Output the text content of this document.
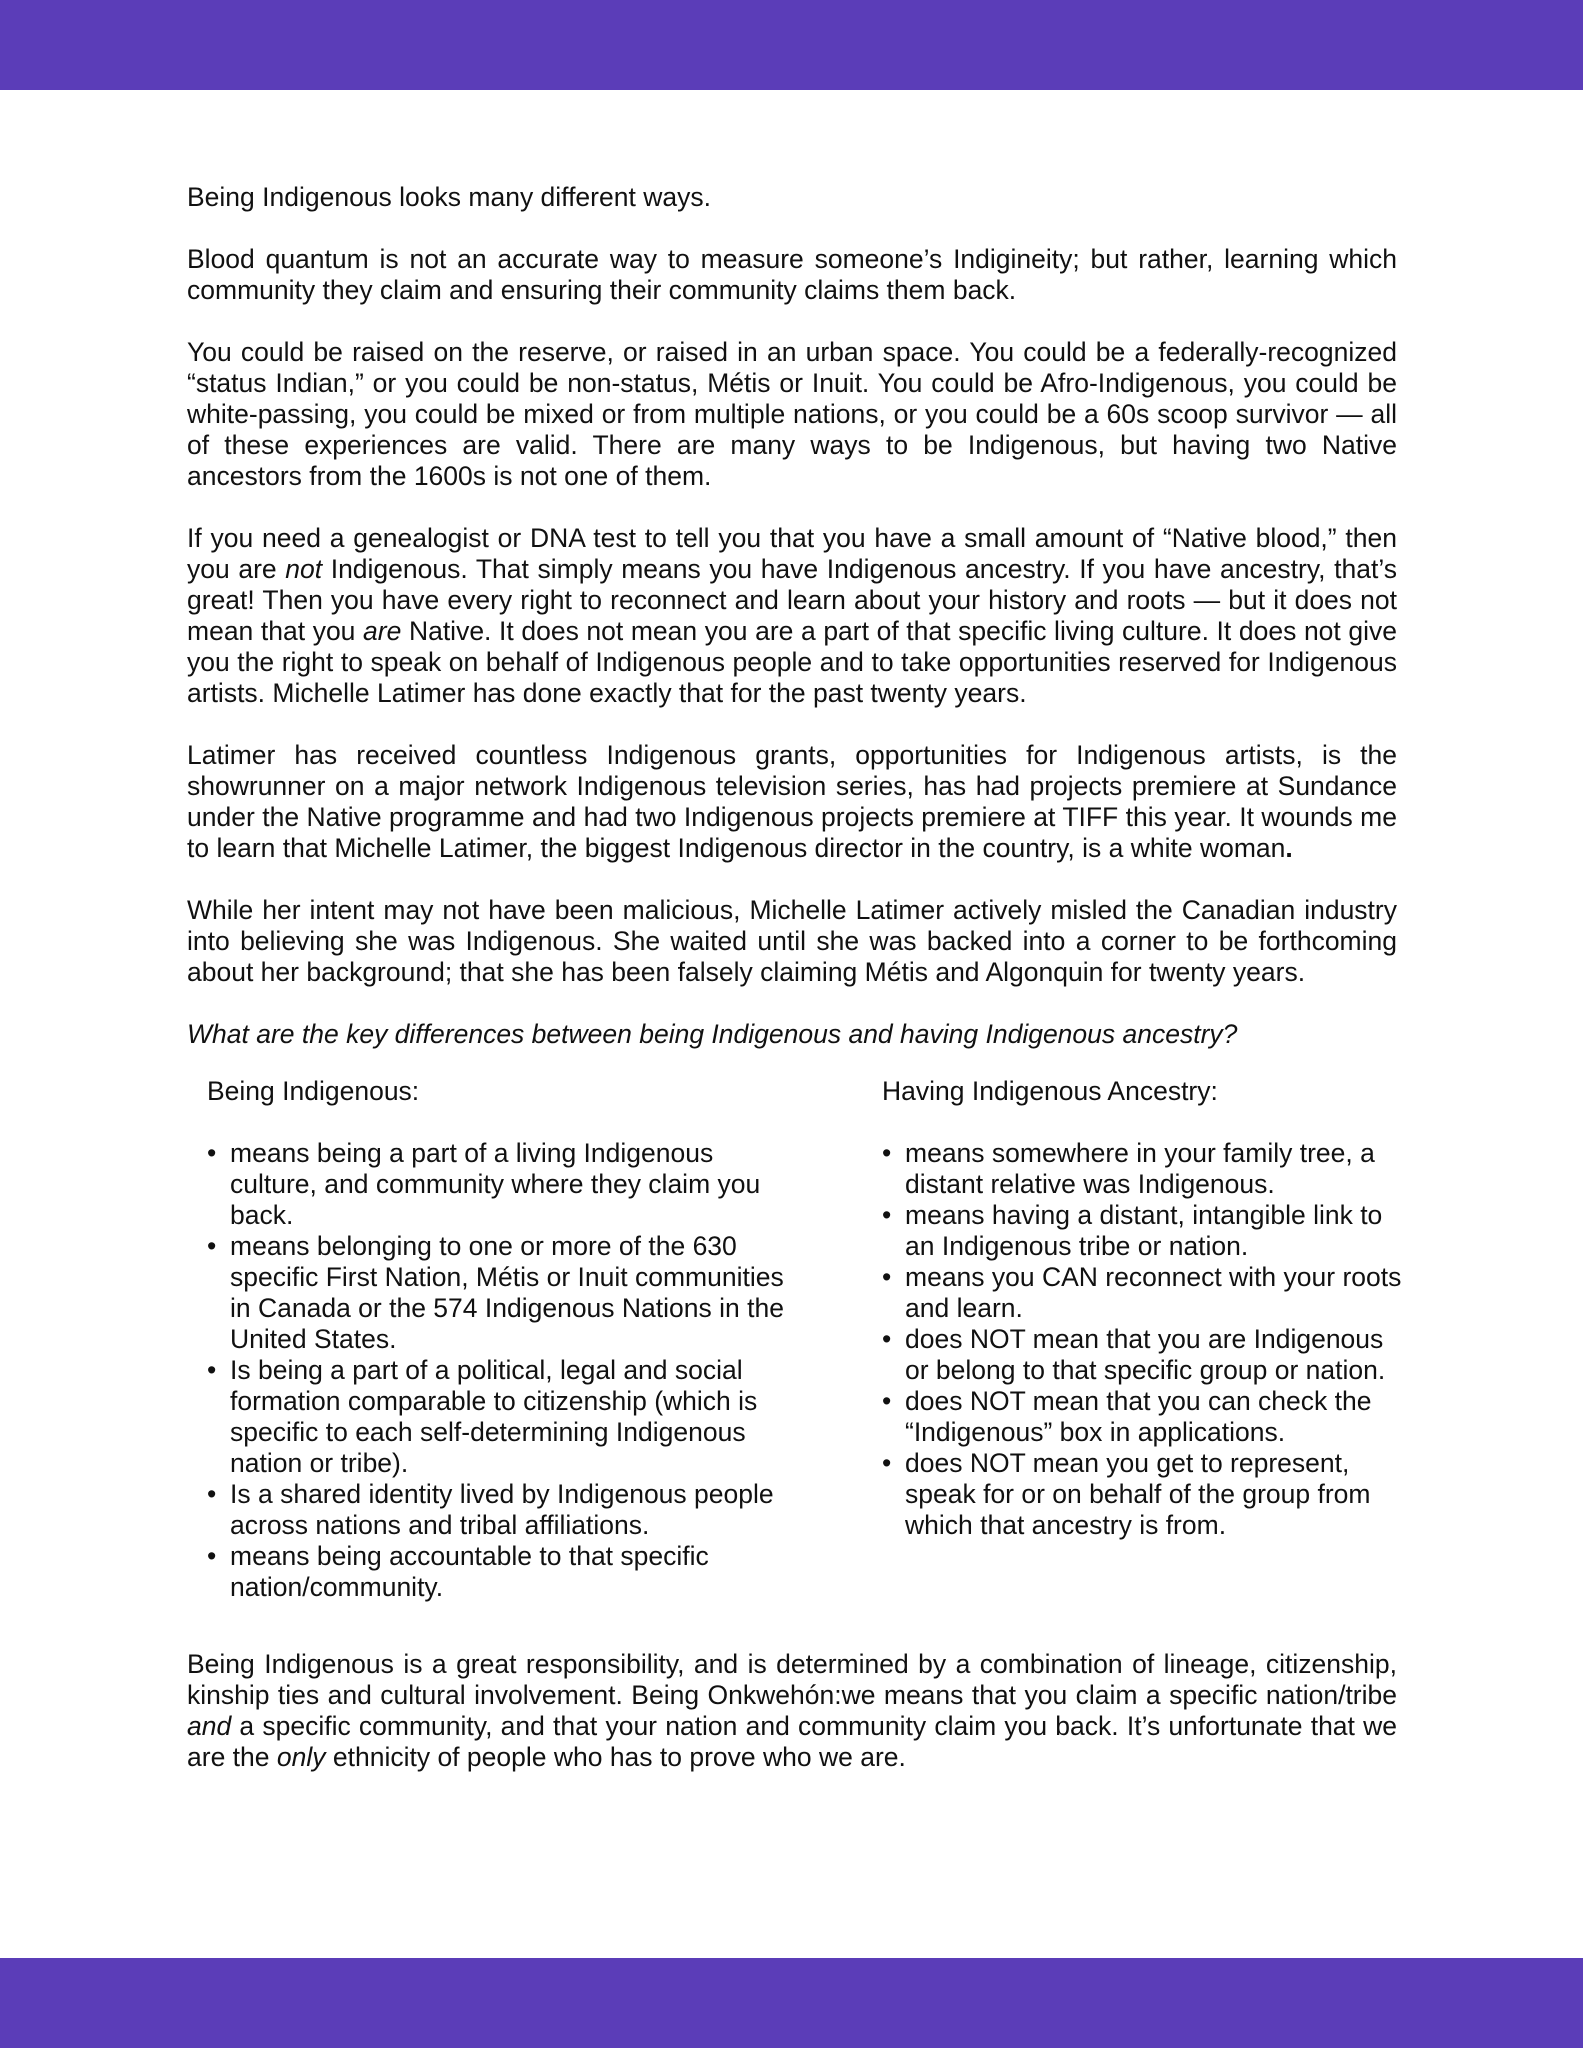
Being Indigenous looks many different ways.

Blood quantum is not an accurate way to measure someone’s Indigineity; but rather, learning which community they claim and ensuring their community claims them back.

You could be raised on the reserve, or raised in an urban space. You could be a federally-recognized “status Indian,” or you could be non-status, Métis or Inuit. You could be Afro-Indigenous, you could be white-passing, you could be mixed or from multiple nations, or you could be a 60s scoop survivor — all of these experiences are valid. There are many ways to be Indigenous, but having two Native ancestors from the 1600s is not one of them.

If you need a genealogist or DNA test to tell you that you have a small amount of “Native blood,” then you are not Indigenous. That simply means you have Indigenous ancestry. If you have ancestry, that’s great! Then you have every right to reconnect and learn about your history and roots — but it does not mean that you are Native. It does not mean you are a part of that specific living culture. It does not give you the right to speak on behalf of Indigenous people and to take opportunities reserved for Indigenous artists. Michelle Latimer has done exactly that for the past twenty years.

Latimer has received countless Indigenous grants, opportunities for Indigenous artists, is the showrunner on a major network Indigenous television series, has had projects premiere at Sundance under the Native programme and had two Indigenous projects premiere at TIFF this year. It wounds me to learn that Michelle Latimer, the biggest Indigenous director in the country, is a white woman.

While her intent may not have been malicious, Michelle Latimer actively misled the Canadian industry into believing she was Indigenous. She waited until she was backed into a corner to be forthcoming about her background; that she has been falsely claiming Métis and Algonquin for twenty years.

What are the key differences between being Indigenous and having Indigenous ancestry?

Being Indigenous:

• means being a part of a living Indigenous culture, and community where they claim you back.
• means belonging to one or more of the 630 specific First Nation, Métis or Inuit communities in Canada or the 574 Indigenous Nations in the United States.
• Is being a part of a political, legal and social formation comparable to citizenship (which is specific to each self-determining Indigenous nation or tribe).
• Is a shared identity lived by Indigenous people across nations and tribal affiliations.
• means being accountable to that specific nation/community.

Having Indigenous Ancestry:

• means somewhere in your family tree, a distant relative was Indigenous.
• means having a distant, intangible link to an Indigenous tribe or nation.
• means you CAN reconnect with your roots and learn.
• does NOT mean that you are Indigenous or belong to that specific group or nation.
• does NOT mean that you can check the “Indigenous” box in applications.
• does NOT mean you get to represent, speak for or on behalf of the group from which that ancestry is from.

Being Indigenous is a great responsibility, and is determined by a combination of lineage, citizenship, kinship ties and cultural involvement. Being Onkwehón:we means that you claim a specific nation/tribe and a specific community, and that your nation and community claim you back. It’s unfortunate that we are the only ethnicity of people who has to prove who we are.
